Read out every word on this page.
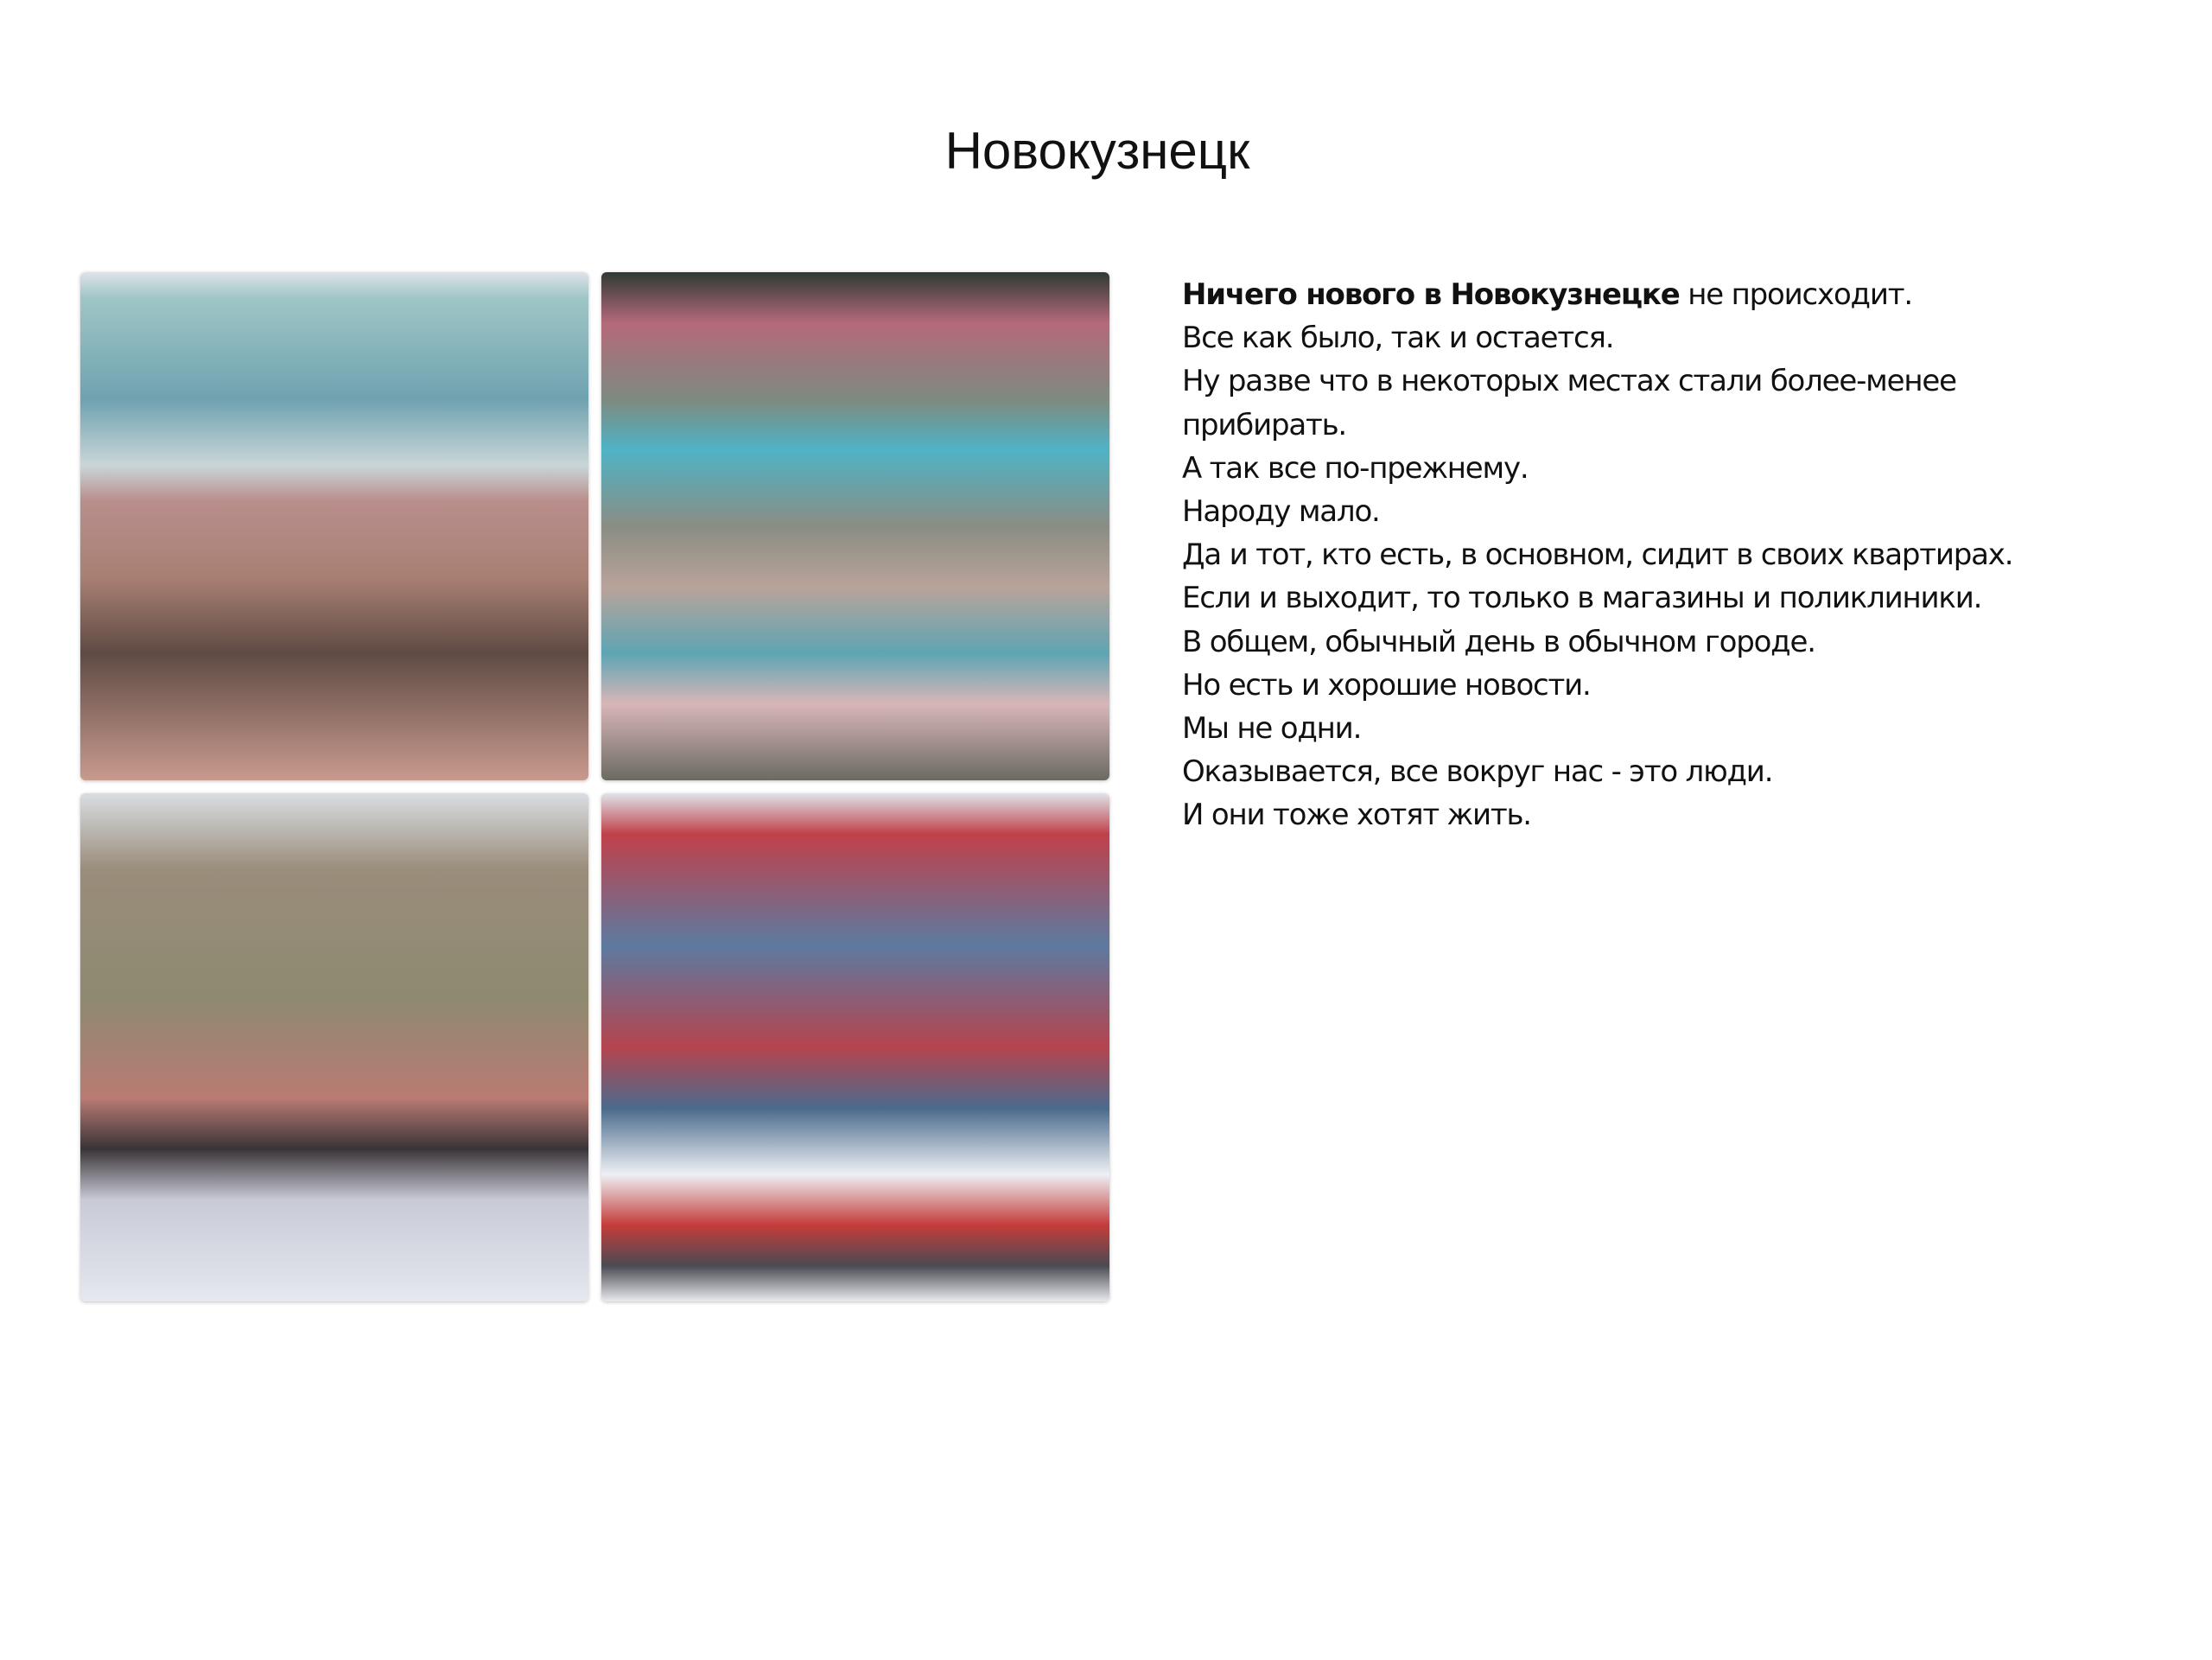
Новокузнецк
Ничего нового в Новокузнецке не происходит.
Все как было, так и остается.
Ну разве что в некоторых местах стали более-менее
прибирать.
А так все по-прежнему.
Народу мало.
Да и тот, кто есть, в основном, сидит в своих квартирах.
Если и выходит, то только в магазины и поликлиники.
В общем, обычный день в обычном городе.
Но есть и хорошие новости.
Мы не одни.
Оказывается, все вокруг нас - это люди.
И они тоже хотят жить.
